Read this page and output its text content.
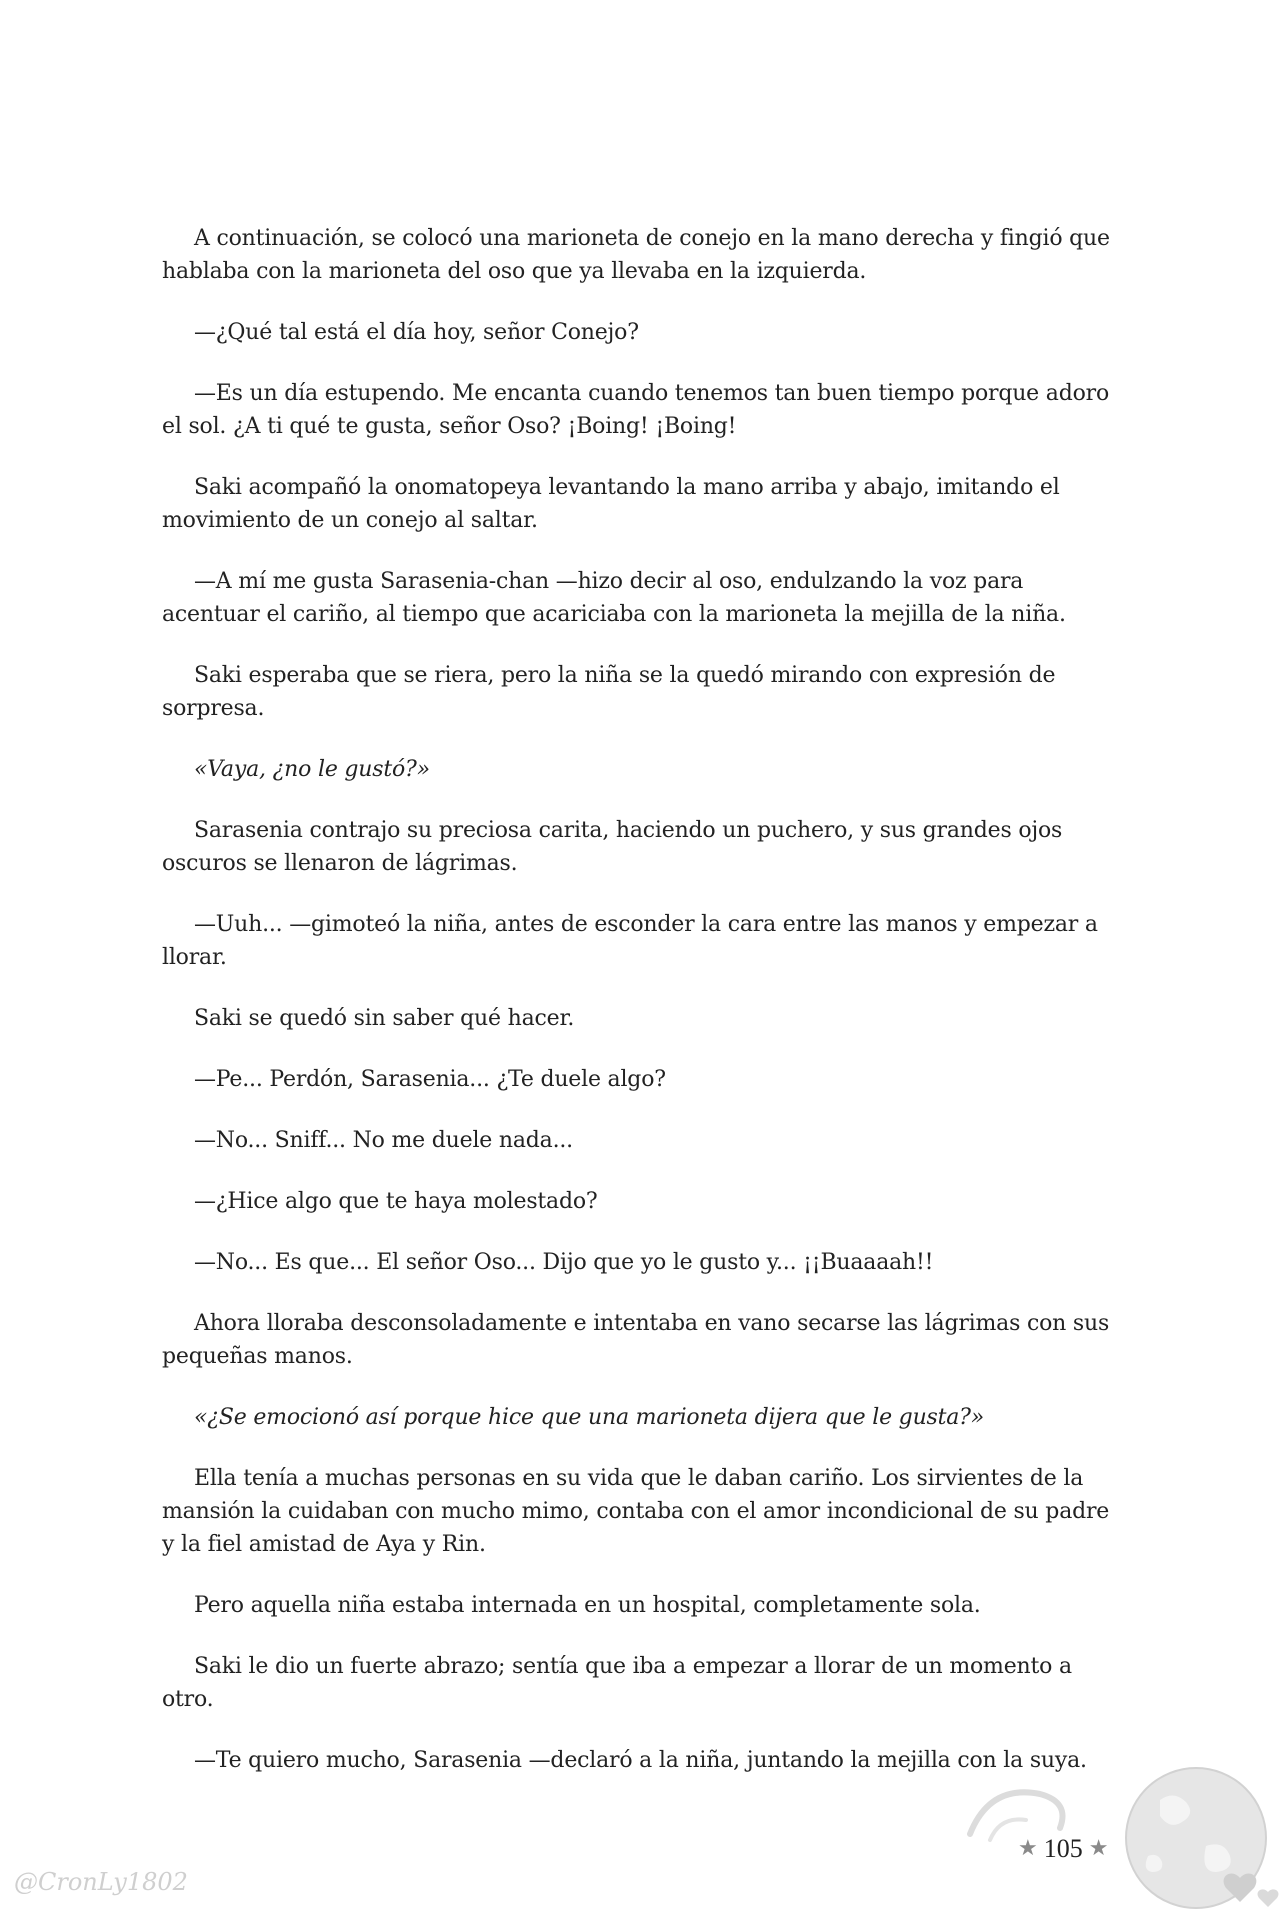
A continuación, se colocó una marioneta de conejo en la mano derecha y fingió que hablaba con la marioneta del oso que ya llevaba en la izquierda.

—¿Qué tal está el día hoy, señor Conejo?

—Es un día estupendo. Me encanta cuando tenemos tan buen tiempo porque adoro el sol. ¿A ti qué te gusta, señor Oso? ¡Boing! ¡Boing!

Saki acompañó la onomatopeya levantando la mano arriba y abajo, imitando el movimiento de un conejo al saltar.

—A mí me gusta Sarasenia-chan —hizo decir al oso, endulzando la voz para acentuar el cariño, al tiempo que acariciaba con la marioneta la mejilla de la niña.

Saki esperaba que se riera, pero la niña se la quedó mirando con expresión de sorpresa.

«Vaya, ¿no le gustó?»

Sarasenia contrajo su preciosa carita, haciendo un puchero, y sus grandes ojos oscuros se llenaron de lágrimas.

—Uuh... —gimoteó la niña, antes de esconder la cara entre las manos y empezar a llorar.

Saki se quedó sin saber qué hacer.

—Pe... Perdón, Sarasenia... ¿Te duele algo?

—No... Sniff... No me duele nada...

—¿Hice algo que te haya molestado?

—No... Es que... El señor Oso... Dijo que yo le gusto y... ¡¡Buaaaah!!

Ahora lloraba desconsoladamente e intentaba en vano secarse las lágrimas con sus pequeñas manos.

«¿Se emocionó así porque hice que una marioneta dijera que le gusta?»

Ella tenía a muchas personas en su vida que le daban cariño. Los sirvientes de la mansión la cuidaban con mucho mimo, contaba con el amor incondicional de su padre y la fiel amistad de Aya y Rin.

Pero aquella niña estaba internada en un hospital, completamente sola.

Saki le dio un fuerte abrazo; sentía que iba a empezar a llorar de un momento a otro.

—Te quiero mucho, Sarasenia —declaró a la niña, juntando la mejilla con la suya.

★ 105 ★
@CronLy1802
